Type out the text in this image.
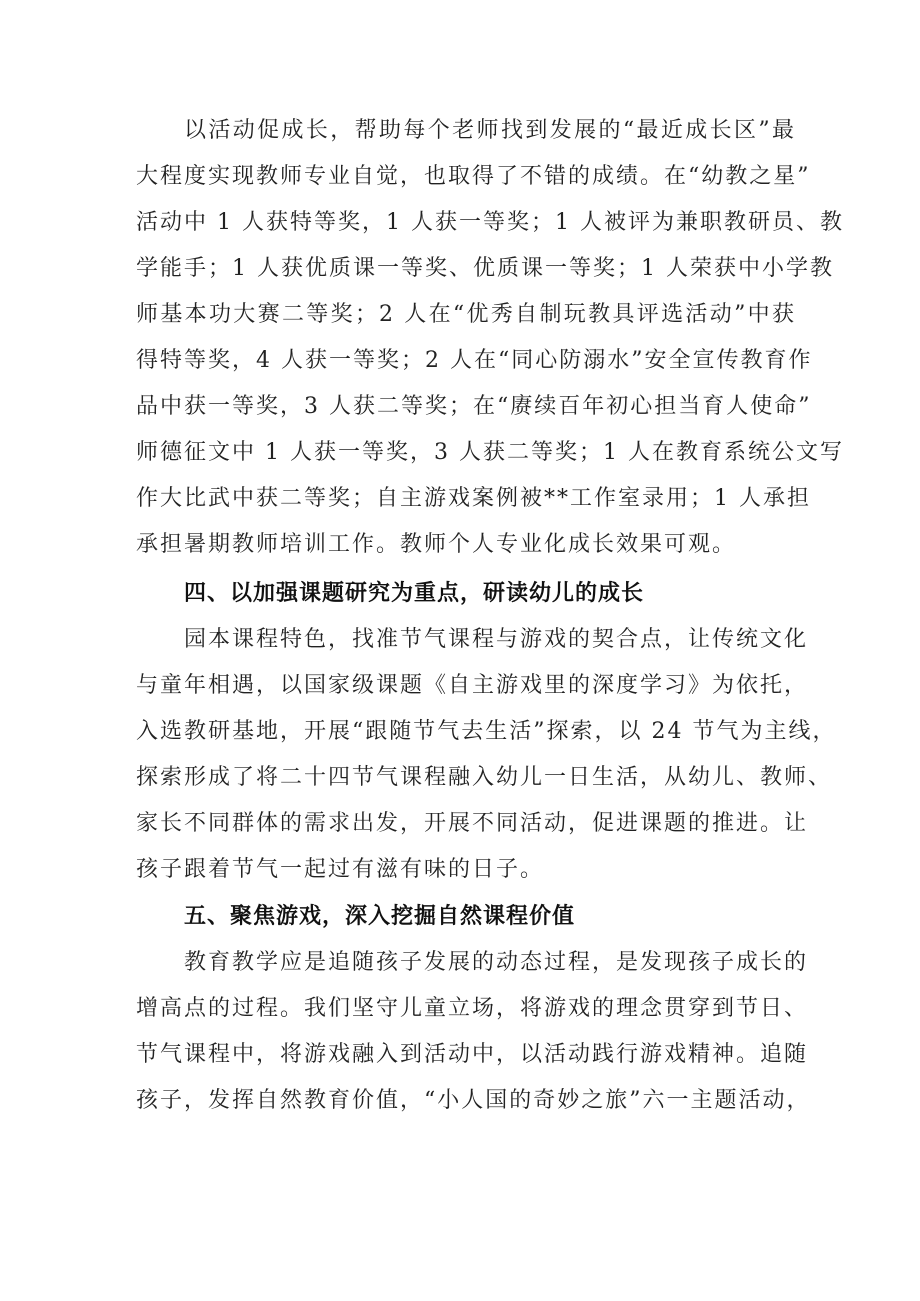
以活动促成长，帮助每个老师找到发展的“最近成长区”最
大程度实现教师专业自觉，也取得了不错的成绩。在“幼教之星”
活动中 1 人获特等奖，1 人获一等奖；1 人被评为兼职教研员、教
学能手；1 人获优质课一等奖、优质课一等奖；1 人荣获中小学教
师基本功大赛二等奖；2 人在“优秀自制玩教具评选活动”中获
得特等奖，4 人获一等奖；2 人在“同心防溺水”安全宣传教育作
品中获一等奖，3 人获二等奖；在“赓续百年初心担当育人使命”
师德征文中 1 人获一等奖，3 人获二等奖；1 人在教育系统公文写
作大比武中获二等奖；自主游戏案例被**工作室录用；1 人承担
承担暑期教师培训工作。教师个人专业化成长效果可观。
四、以加强课题研究为重点，研读幼儿的成长
园本课程特色，找准节气课程与游戏的契合点，让传统文化
与童年相遇，以国家级课题《自主游戏里的深度学习》为依托，
入选教研基地，开展“跟随节气去生活”探索，以 24 节气为主线，
探索形成了将二十四节气课程融入幼儿一日生活，从幼儿、教师、
家长不同群体的需求出发，开展不同活动，促进课题的推进。让
孩子跟着节气一起过有滋有味的日子。
五、聚焦游戏，深入挖掘自然课程价值
教育教学应是追随孩子发展的动态过程，是发现孩子成长的
增高点的过程。我们坚守儿童立场，将游戏的理念贯穿到节日、
节气课程中，将游戏融入到活动中，以活动践行游戏精神。追随
孩子，发挥自然教育价值，“小人国的奇妙之旅”六一主题活动，
